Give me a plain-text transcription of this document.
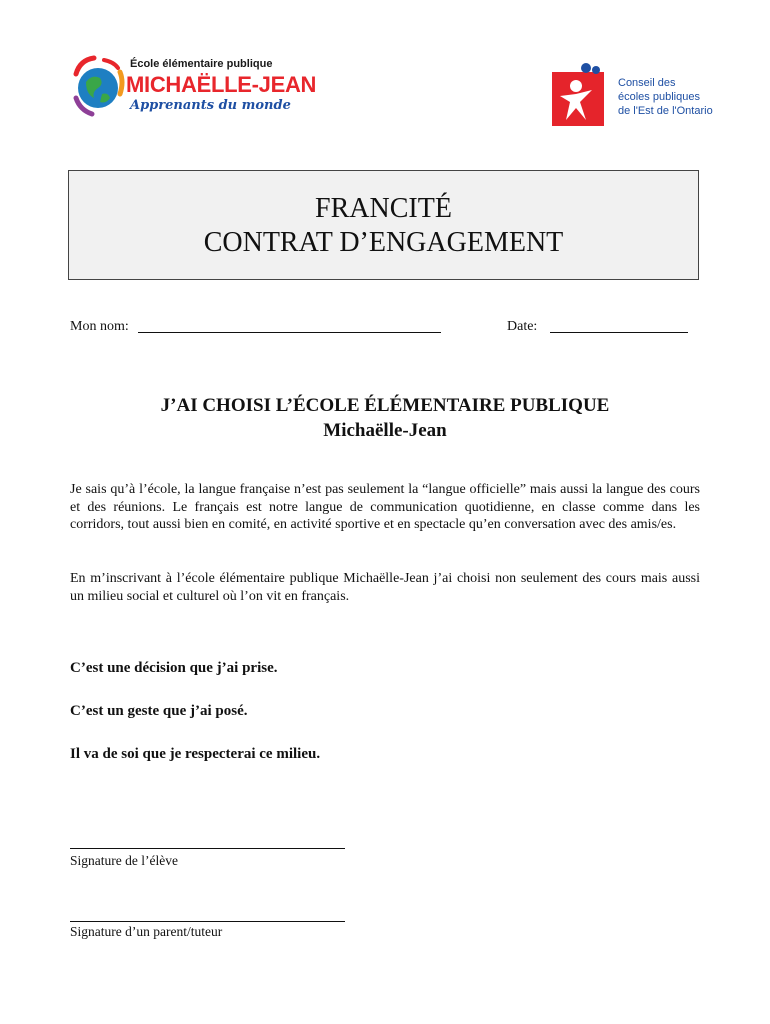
École élémentaire publique
MICHAËLLE-JEAN
Apprenants du monde
Conseil des
écoles publiques
de l'Est de l'Ontario
FRANCITÉ
CONTRAT D’ENGAGEMENT
Mon nom:	Date:
J’AI CHOISI L’ÉCOLE ÉLÉMENTAIRE PUBLIQUE
Michaëlle-Jean
Je sais qu’à l’école, la langue française n’est pas seulement la “langue officielle” mais aussi la langue des cours et des réunions. Le français est notre langue de communication quotidienne, en classe comme dans les corridors, tout aussi bien en comité, en activité sportive et en spectacle qu’en conversation avec des amis/es.
En m’inscrivant à l’école élémentaire publique Michaëlle-Jean j’ai choisi non seulement des cours mais aussi un milieu social et culturel où l’on vit en français.
C’est une décision que j’ai prise.
C’est un geste que j’ai posé.
Il va de soi que je respecterai ce milieu.
Signature de l’élève
Signature d’un parent/tuteur
